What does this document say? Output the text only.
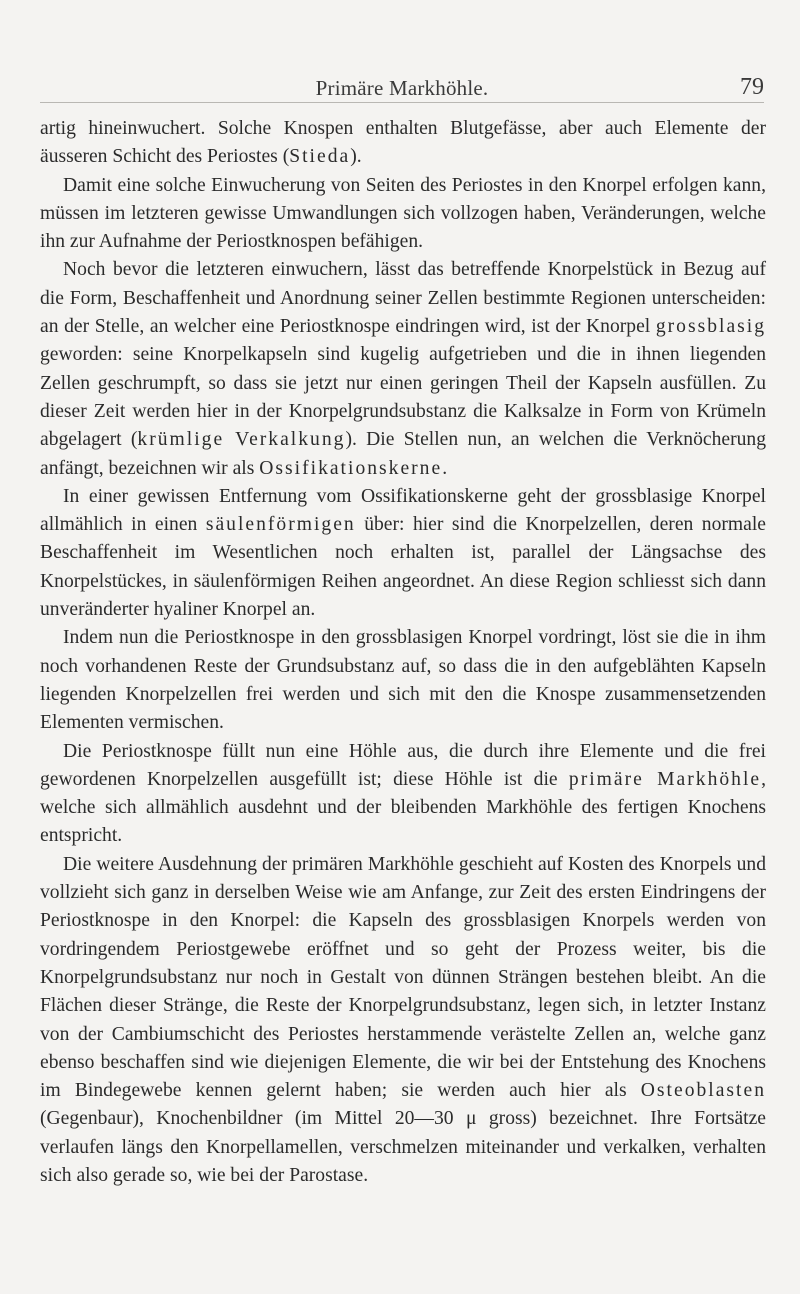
Primäre Markhöhle.	79

artig hineinwuchert. Solche Knospen enthalten Blutgefässe, aber auch Elemente der äusseren Schicht des Periostes (Stieda).

Damit eine solche Einwucherung von Seiten des Periostes in den Knorpel erfolgen kann, müssen im letzteren gewisse Umwandlungen sich vollzogen haben, Veränderungen, welche ihn zur Aufnahme der Periostknospen befähigen.

Noch bevor die letzteren einwuchern, lässt das betreffende Knorpelstück in Bezug auf die Form, Beschaffenheit und Anordnung seiner Zellen bestimmte Regionen unterscheiden: an der Stelle, an welcher eine Periostknospe eindringen wird, ist der Knorpel grossblasig geworden: seine Knorpelkapseln sind kugelig aufgetrieben und die in ihnen liegenden Zellen geschrumpft, so dass sie jetzt nur einen geringen Theil der Kapseln ausfüllen. Zu dieser Zeit werden hier in der Knorpelgrundsubstanz die Kalksalze in Form von Krümeln abgelagert (krümlige Verkalkung). Die Stellen nun, an welchen die Verknöcherung anfängt, bezeichnen wir als Ossifikationskerne.

In einer gewissen Entfernung vom Ossifikationskerne geht der grossblasige Knorpel allmählich in einen säulenförmigen über: hier sind die Knorpelzellen, deren normale Beschaffenheit im Wesentlichen noch erhalten ist, parallel der Längsachse des Knorpelstückes, in säulenförmigen Reihen angeordnet. An diese Region schliesst sich dann unveränderter hyaliner Knorpel an.

Indem nun die Periostknospe in den grossblasigen Knorpel vordringt, löst sie die in ihm noch vorhandenen Reste der Grundsubstanz auf, so dass die in den aufgeblähten Kapseln liegenden Knorpelzellen frei werden und sich mit den die Knospe zusammensetzenden Elementen vermischen.

Die Periostknospe füllt nun eine Höhle aus, die durch ihre Elemente und die frei gewordenen Knorpelzellen ausgefüllt ist; diese Höhle ist die primäre Markhöhle, welche sich allmählich ausdehnt und der bleibenden Markhöhle des fertigen Knochens entspricht.

Die weitere Ausdehnung der primären Markhöhle geschieht auf Kosten des Knorpels und vollzieht sich ganz in derselben Weise wie am Anfange, zur Zeit des ersten Eindringens der Periostknospe in den Knorpel: die Kapseln des grossblasigen Knorpels werden von vordringendem Periostgewebe eröffnet und so geht der Prozess weiter, bis die Knorpelgrundsubstanz nur noch in Gestalt von dünnen Strängen bestehen bleibt. An die Flächen dieser Stränge, die Reste der Knorpelgrundsubstanz, legen sich, in letzter Instanz von der Cambiumschicht des Periostes herstammende verästelte Zellen an, welche ganz ebenso beschaffen sind wie diejenigen Elemente, die wir bei der Entstehung des Knochens im Bindegewebe kennen gelernt haben; sie werden auch hier als Osteoblasten (Gegenbaur), Knochenbildner (im Mittel 20—30 μ gross) bezeichnet. Ihre Fortsätze verlaufen längs den Knorpellamellen, verschmelzen miteinander und verkalken, verhalten sich also gerade so, wie bei der Parostase.
